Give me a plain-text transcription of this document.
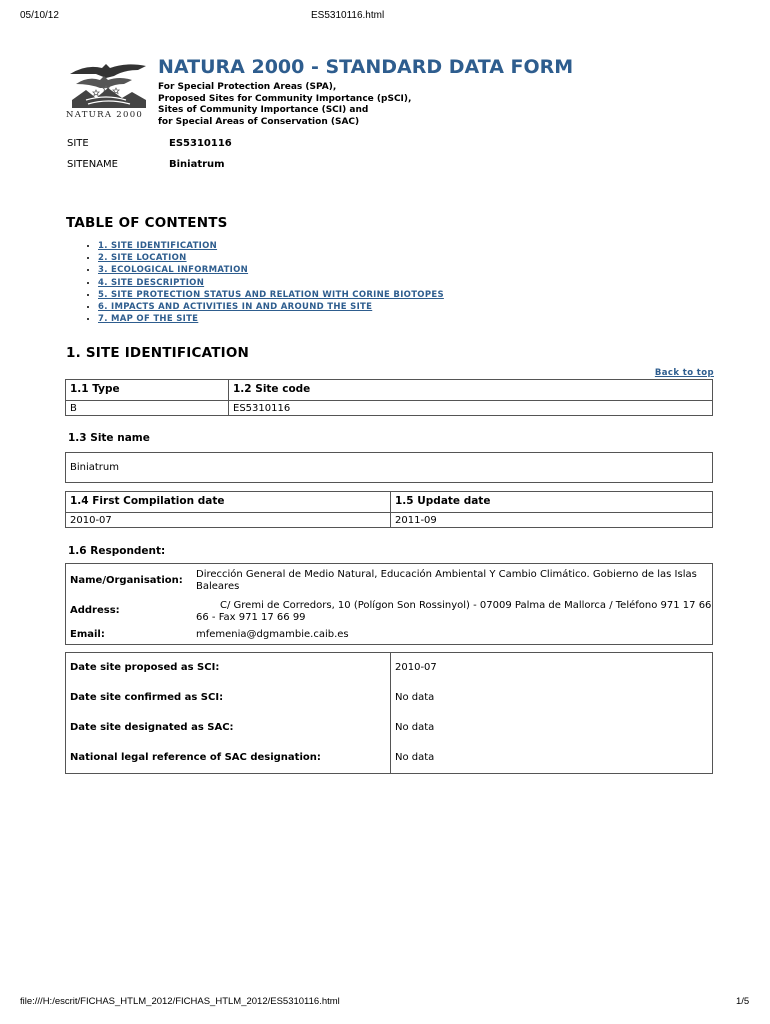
05/10/12	ES5310116.html
NATURA 2000
NATURA 2000 - STANDARD DATA FORM
For Special Protection Areas (SPA),
Proposed Sites for Community Importance (pSCI),
Sites of Community Importance (SCI) and
for Special Areas of Conservation (SAC)
SITE	ES5310116
SITENAME	Biniatrum
TABLE OF CONTENTS
• 1. SITE IDENTIFICATION
• 2. SITE LOCATION
• 3. ECOLOGICAL INFORMATION
• 4. SITE DESCRIPTION
• 5. SITE PROTECTION STATUS AND RELATION WITH CORINE BIOTOPES
• 6. IMPACTS AND ACTIVITIES IN AND AROUND THE SITE
• 7. MAP OF THE SITE
1. SITE IDENTIFICATION
Back to top
1.1 Type	1.2 Site code
B	ES5310116
1.3 Site name
Biniatrum
1.4 First Compilation date	1.5 Update date
2010-07	2011-09
1.6 Respondent:
Name/Organisation:
Dirección General de Medio Natural, Educación Ambiental Y Cambio Climático. Gobierno de las Islas Baleares
Address:	C/ Gremi de Corredors, 10 (Polígon Son Rossinyol) - 07009 Palma de Mallorca / Teléfono 971 17 66 66 - Fax 971 17 66 99
Email:	mfemenia@dgmambie.caib.es
Date site proposed as SCI:	2010-07
Date site confirmed as SCI:	No data
Date site designated as SAC:	No data
National legal reference of SAC designation:	No data
file:///H:/escrit/FICHAS_HTLM_2012/FICHAS_HTLM_2012/ES5310116.html	1/5
